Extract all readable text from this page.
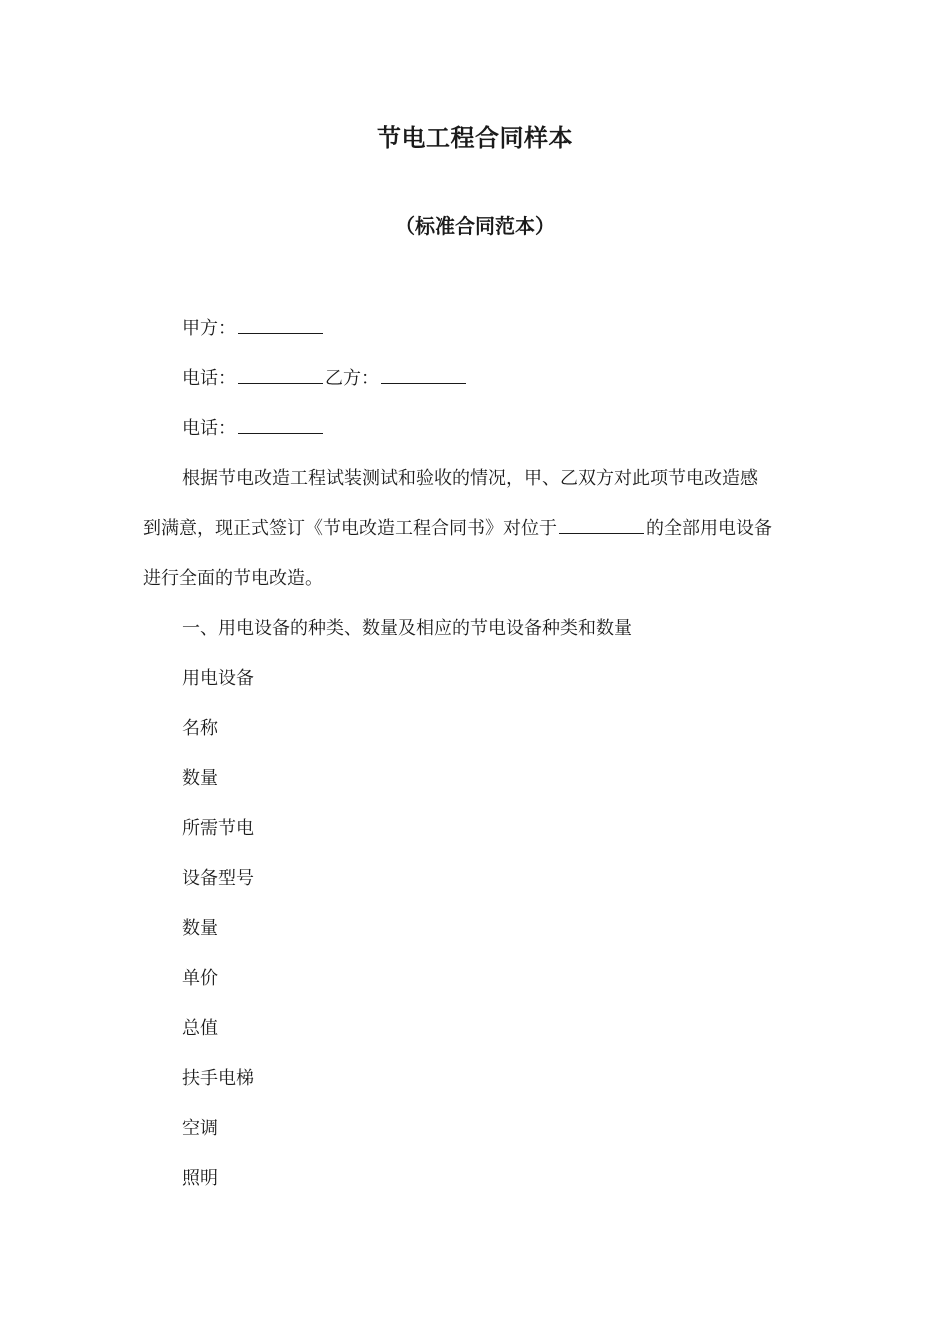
节电工程合同样本
（标准合同范本）
甲方：
电话：	乙方：
电话：
根据节电改造工程试装测试和验收的情况，甲、乙双方对此项节电改造感
到满意，现正式签订《节电改造工程合同书》对位于	的全部用电设备
进行全面的节电改造。
一、用电设备的种类、数量及相应的节电设备种类和数量
用电设备
名称
数量
所需节电
设备型号
数量
单价
总值
扶手电梯
空调
照明
